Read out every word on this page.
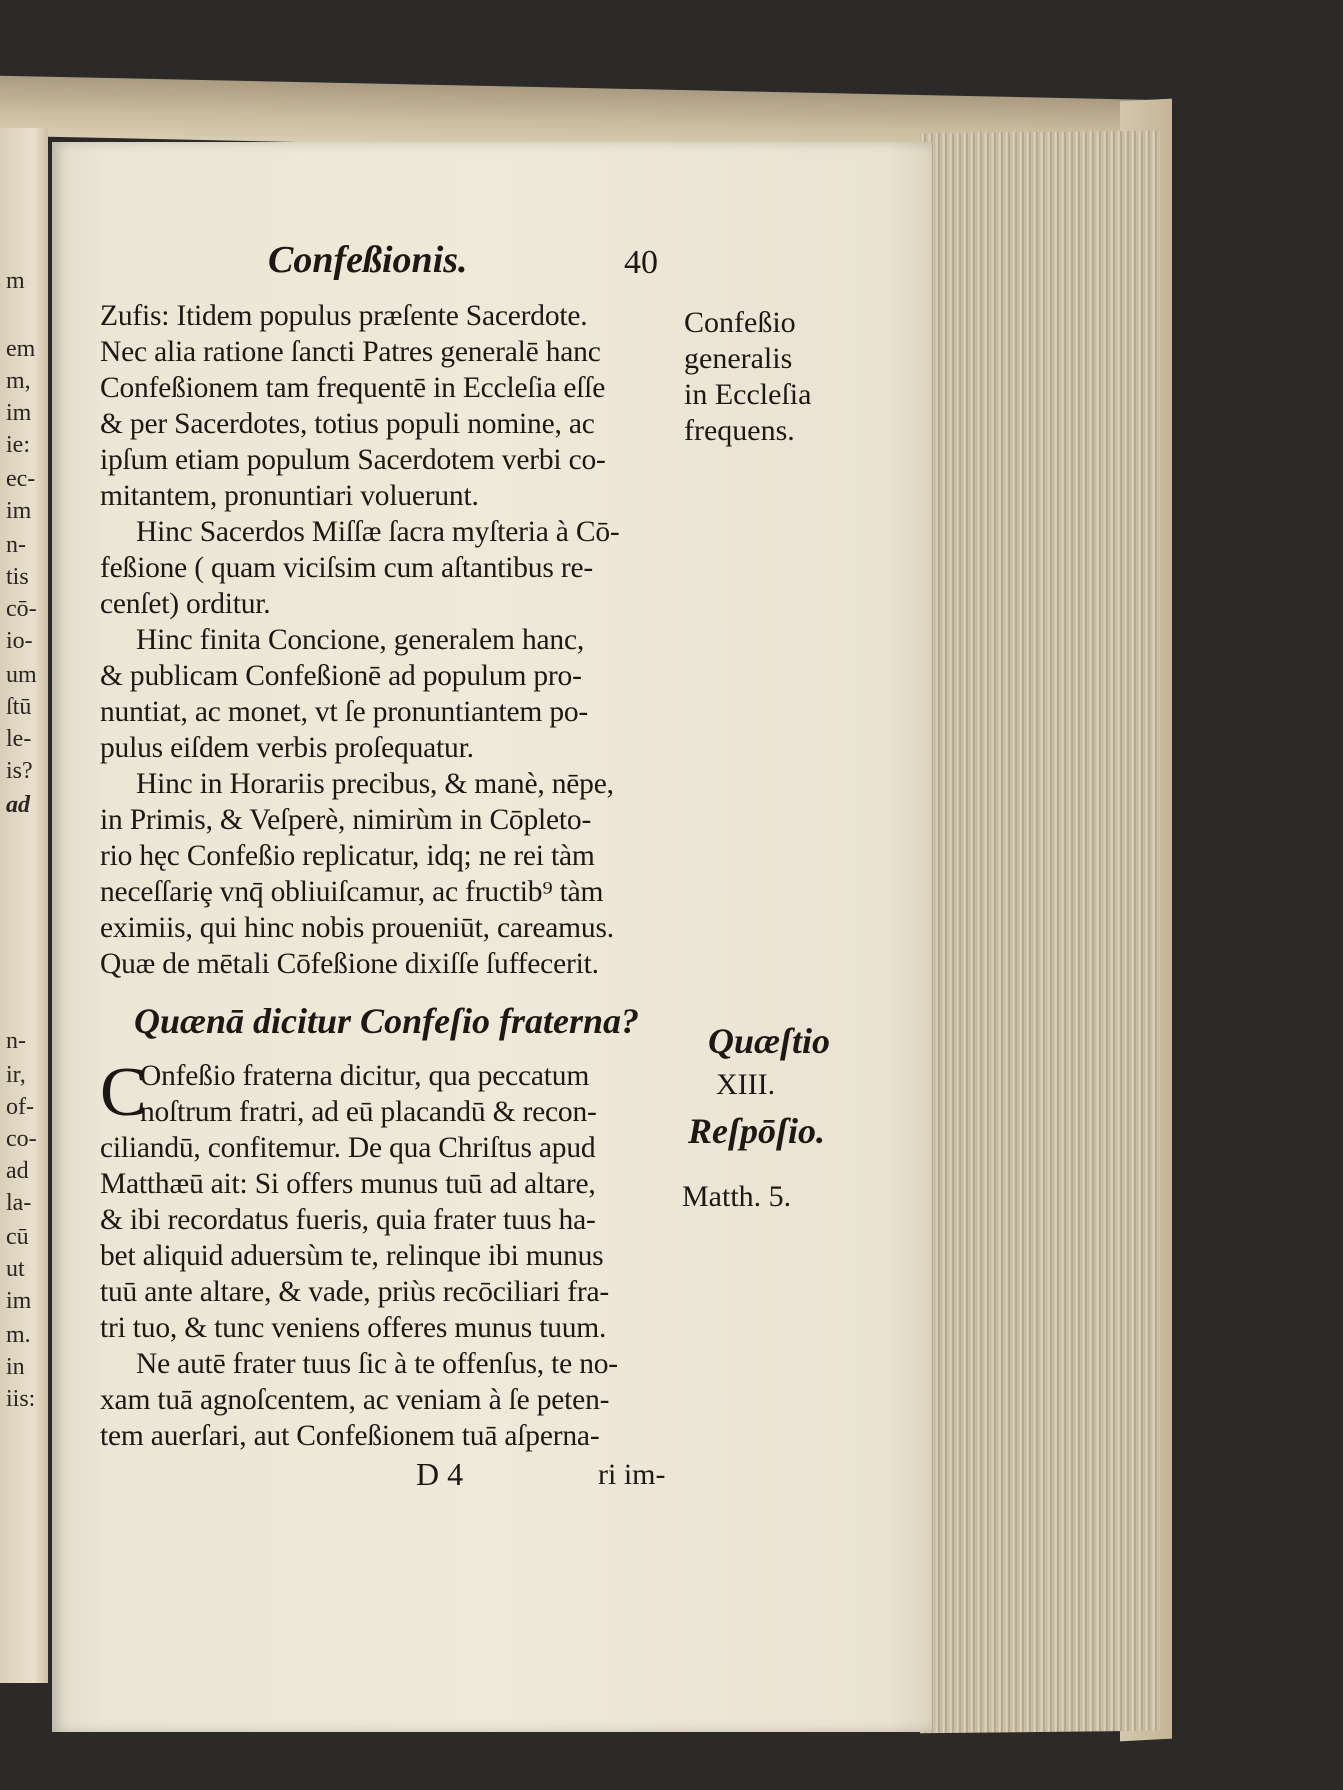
m
em
m,
im
ie:
ec-
im
n-
tis
cō-
io-
um
ſtū
le-
is?
ad
n-
ir,
of-
co-
ad
la-
cū
ut
im
m.
in
iis:
Confeßionis.	40
Zufis: Itidem populus præſente Sacerdote.
Nec alia ratione ſancti Patres generalē hanc
Confeßionem tam frequentē in Eccleſia eſſe
& per Sacerdotes, totius populi nomine, ac
ipſum etiam populum Sacerdotem verbi co-
mitantem, pronuntiari voluerunt.
Hinc Sacerdos Miſſæ ſacra myſteria à Cō-
feßione ( quam viciſsim cum aſtantibus re-
cenſet) orditur.
Hinc finita Concione, generalem hanc,
& publicam Confeßionē ad populum pro-
nuntiat, ac monet, vt ſe pronuntiantem po-
pulus eiſdem verbis proſequatur.
Hinc in Horariis precibus, & manè, nēpe,
in Primis, & Veſperè, nimirùm in Cōpleto-
rio hęc Confeßio replicatur, idq; ne rei tàm
neceſſariȩ vnq̄ obliuiſcamur, ac fructib⁹ tàm
eximiis, qui hinc nobis proueniūt, careamus.
Quæ de mētali Cōfeßione dixiſſe ſuffecerit.
Quænā dicitur Confeſio fraterna?
C
Onfeßio fraterna dicitur, qua peccatum
noſtrum fratri, ad eū placandū & recon-
ciliandū, confitemur. De qua Chriſtus apud
Matthæū ait: Si offers munus tuū ad altare,
& ibi recordatus fueris, quia frater tuus ha-
bet aliquid aduersùm te, relinque ibi munus
tuū ante altare, & vade, priùs recōciliari fra-
tri tuo, & tunc veniens offeres munus tuum.
Ne autē frater tuus ſic à te offenſus, te no-
xam tuā agnoſcentem, ac veniam à ſe peten-
tem auerſari, aut Confeßionem tuā aſperna-
Confeßio
generalis
in Eccleſia
frequens.
Quæſtio
XIII.
Reſpōſio.
Matth. 5.
D 4	ri im-
